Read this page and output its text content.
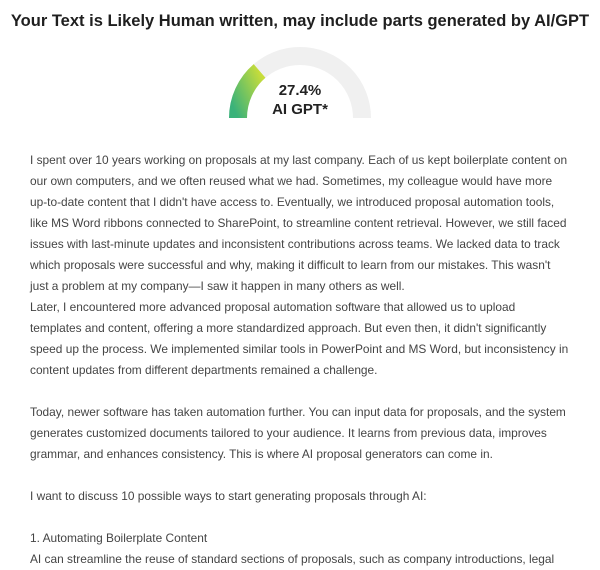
Your Text is Likely Human written, may include parts generated by AI/GPT
27.4%
AI GPT*

I spent over 10 years working on proposals at my last company. Each of us kept boilerplate content on our own computers, and we often reused what we had. Sometimes, my colleague would have more up-to-date content that I didn't have access to. Eventually, we introduced proposal automation tools, like MS Word ribbons connected to SharePoint, to streamline content retrieval. However, we still faced issues with last-minute updates and inconsistent contributions across teams. We lacked data to track which proposals were successful and why, making it difficult to learn from our mistakes. This wasn't just a problem at my company—I saw it happen in many others as well.

Later, I encountered more advanced proposal automation software that allowed us to upload templates and content, offering a more standardized approach. But even then, it didn't significantly speed up the process. We implemented similar tools in PowerPoint and MS Word, but inconsistency in content updates from different departments remained a challenge.

Today, newer software has taken automation further. You can input data for proposals, and the system generates customized documents tailored to your audience. It learns from previous data, improves grammar, and enhances consistency. This is where AI proposal generators can come in.

I want to discuss 10 possible ways to start generating proposals through AI:

1. Automating Boilerplate Content

AI can streamline the reuse of standard sections of proposals, such as company introductions, legal
